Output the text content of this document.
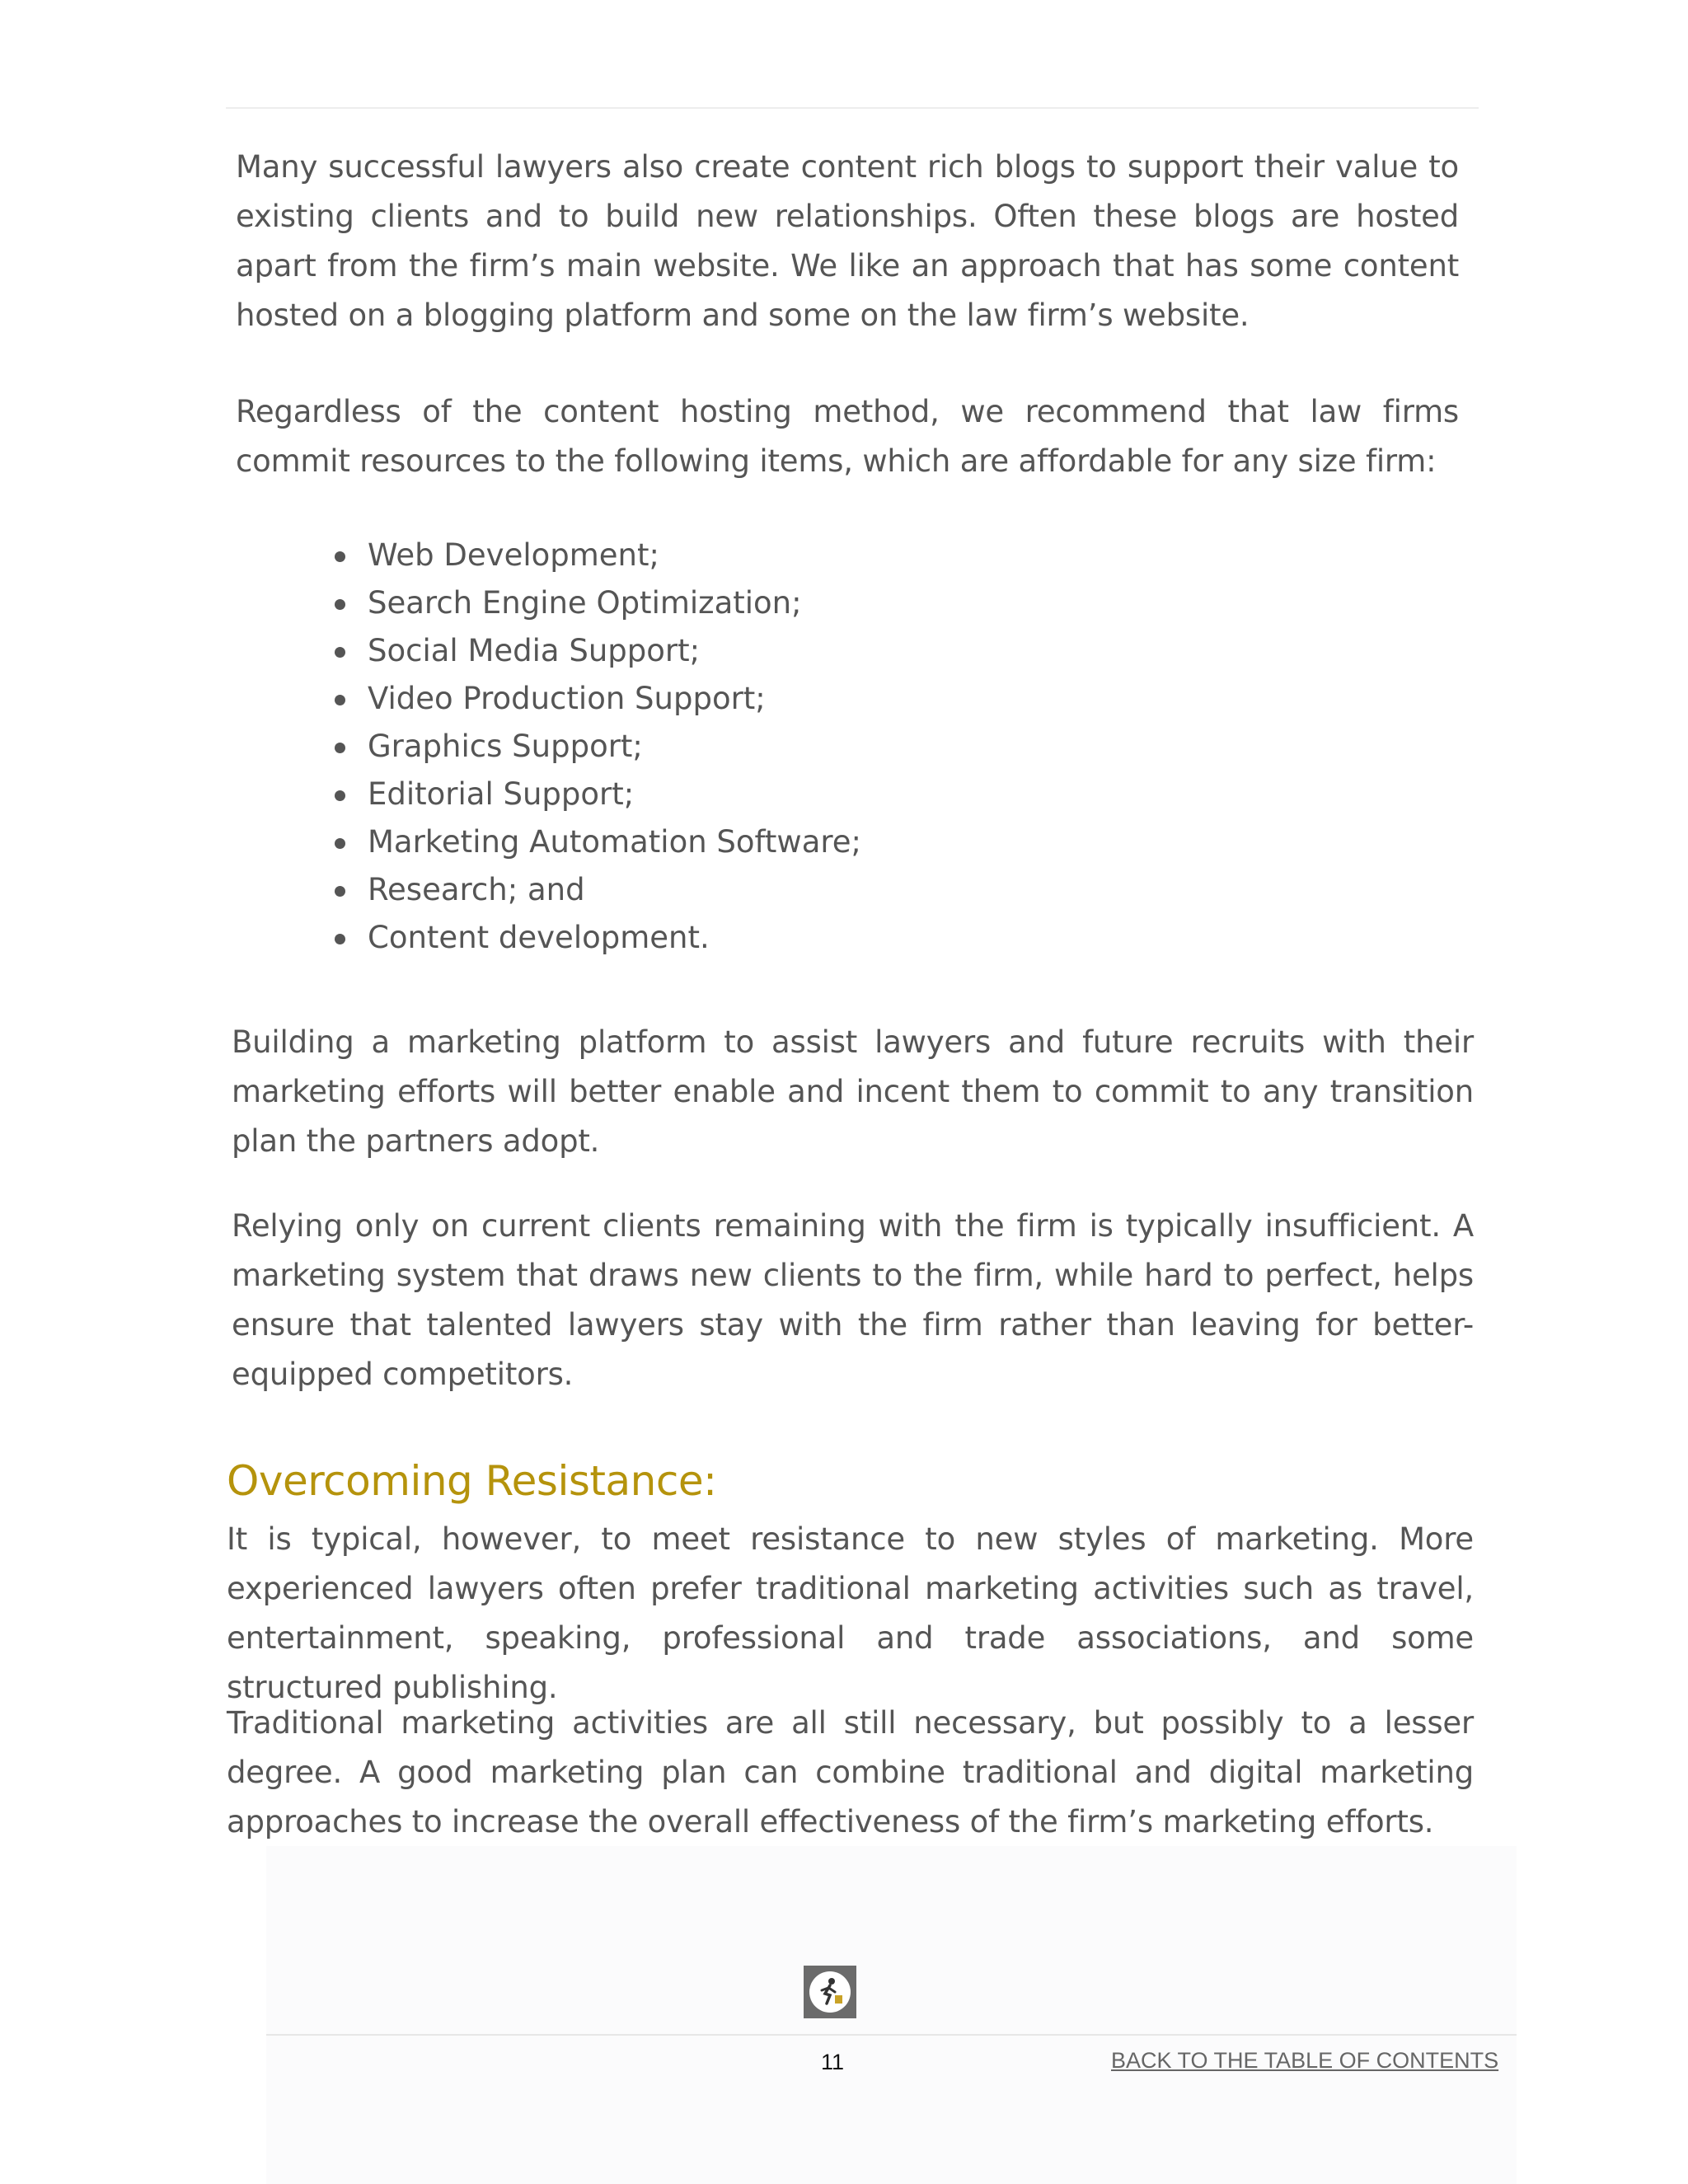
Many successful lawyers also create content rich blogs to support their value to existing clients and to build new relationships. Often these blogs are hosted apart from the firm’s main website. We like an approach that has some content hosted on a blogging platform and some on the law firm’s website.

Regardless of the content hosting method, we recommend that law firms commit resources to the following items, which are affordable for any size firm:

Web Development;
Search Engine Optimization;
Social Media Support;
Video Production Support;
Graphics Support;
Editorial Support;
Marketing Automation Software;
Research; and
Content development.

Building a marketing platform to assist lawyers and future recruits with their marketing efforts will better enable and incent them to commit to any transition plan the partners adopt.

Relying only on current clients remaining with the firm is typically insufficient. A marketing system that draws new clients to the firm, while hard to perfect, helps ensure that talented lawyers stay with the firm rather than leaving for better-equipped competitors.

Overcoming Resistance:

It is typical, however, to meet resistance to new styles of marketing. More experienced lawyers often prefer traditional marketing activities such as travel, entertainment, speaking, professional and trade associations, and some structured publishing.

Traditional marketing activities are all still necessary, but possibly to a lesser degree. A good marketing plan can combine traditional and digital marketing approaches to increase the overall effectiveness of the firm’s marketing efforts.

11	BACK TO THE TABLE OF CONTENTS
